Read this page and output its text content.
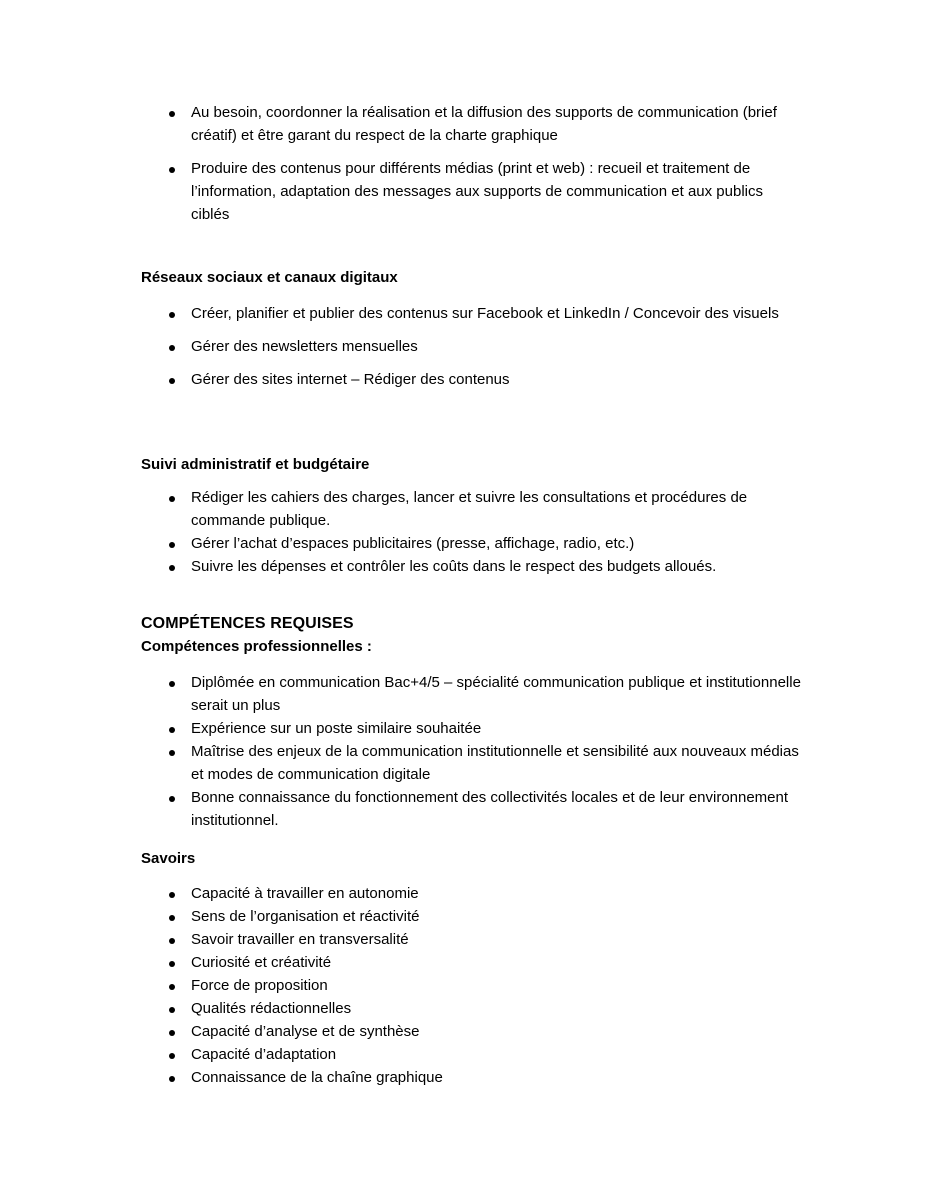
Au besoin, coordonner la réalisation et la diffusion des supports de communication (brief créatif) et être garant du respect de la charte graphique
Produire des contenus pour différents médias (print et web) : recueil et traitement de l’information, adaptation des messages aux supports de communication et aux publics ciblés

Réseaux sociaux et canaux digitaux

Créer, planifier et publier des contenus sur Facebook et LinkedIn / Concevoir des visuels
Gérer des newsletters mensuelles
Gérer des sites internet – Rédiger des contenus

Suivi administratif et budgétaire

Rédiger les cahiers des charges, lancer et suivre les consultations et procédures de commande publique.
Gérer l’achat d’espaces publicitaires (presse, affichage, radio, etc.)
Suivre les dépenses et contrôler les coûts dans le respect des budgets alloués.

COMPÉTENCES REQUISES

Compétences professionnelles :

Diplômée en communication Bac+4/5 – spécialité communication publique et institutionnelle serait un plus
Expérience sur un poste similaire souhaitée
Maîtrise des enjeux de la communication institutionnelle et sensibilité aux nouveaux médias et modes de communication digitale
Bonne connaissance du fonctionnement des collectivités locales et de leur environnement institutionnel.

Savoirs

Capacité à travailler en autonomie
Sens de l’organisation et réactivité
Savoir travailler en transversalité
Curiosité et créativité
Force de proposition
Qualités rédactionnelles
Capacité d’analyse et de synthèse
Capacité d’adaptation
Connaissance de la chaîne graphique
